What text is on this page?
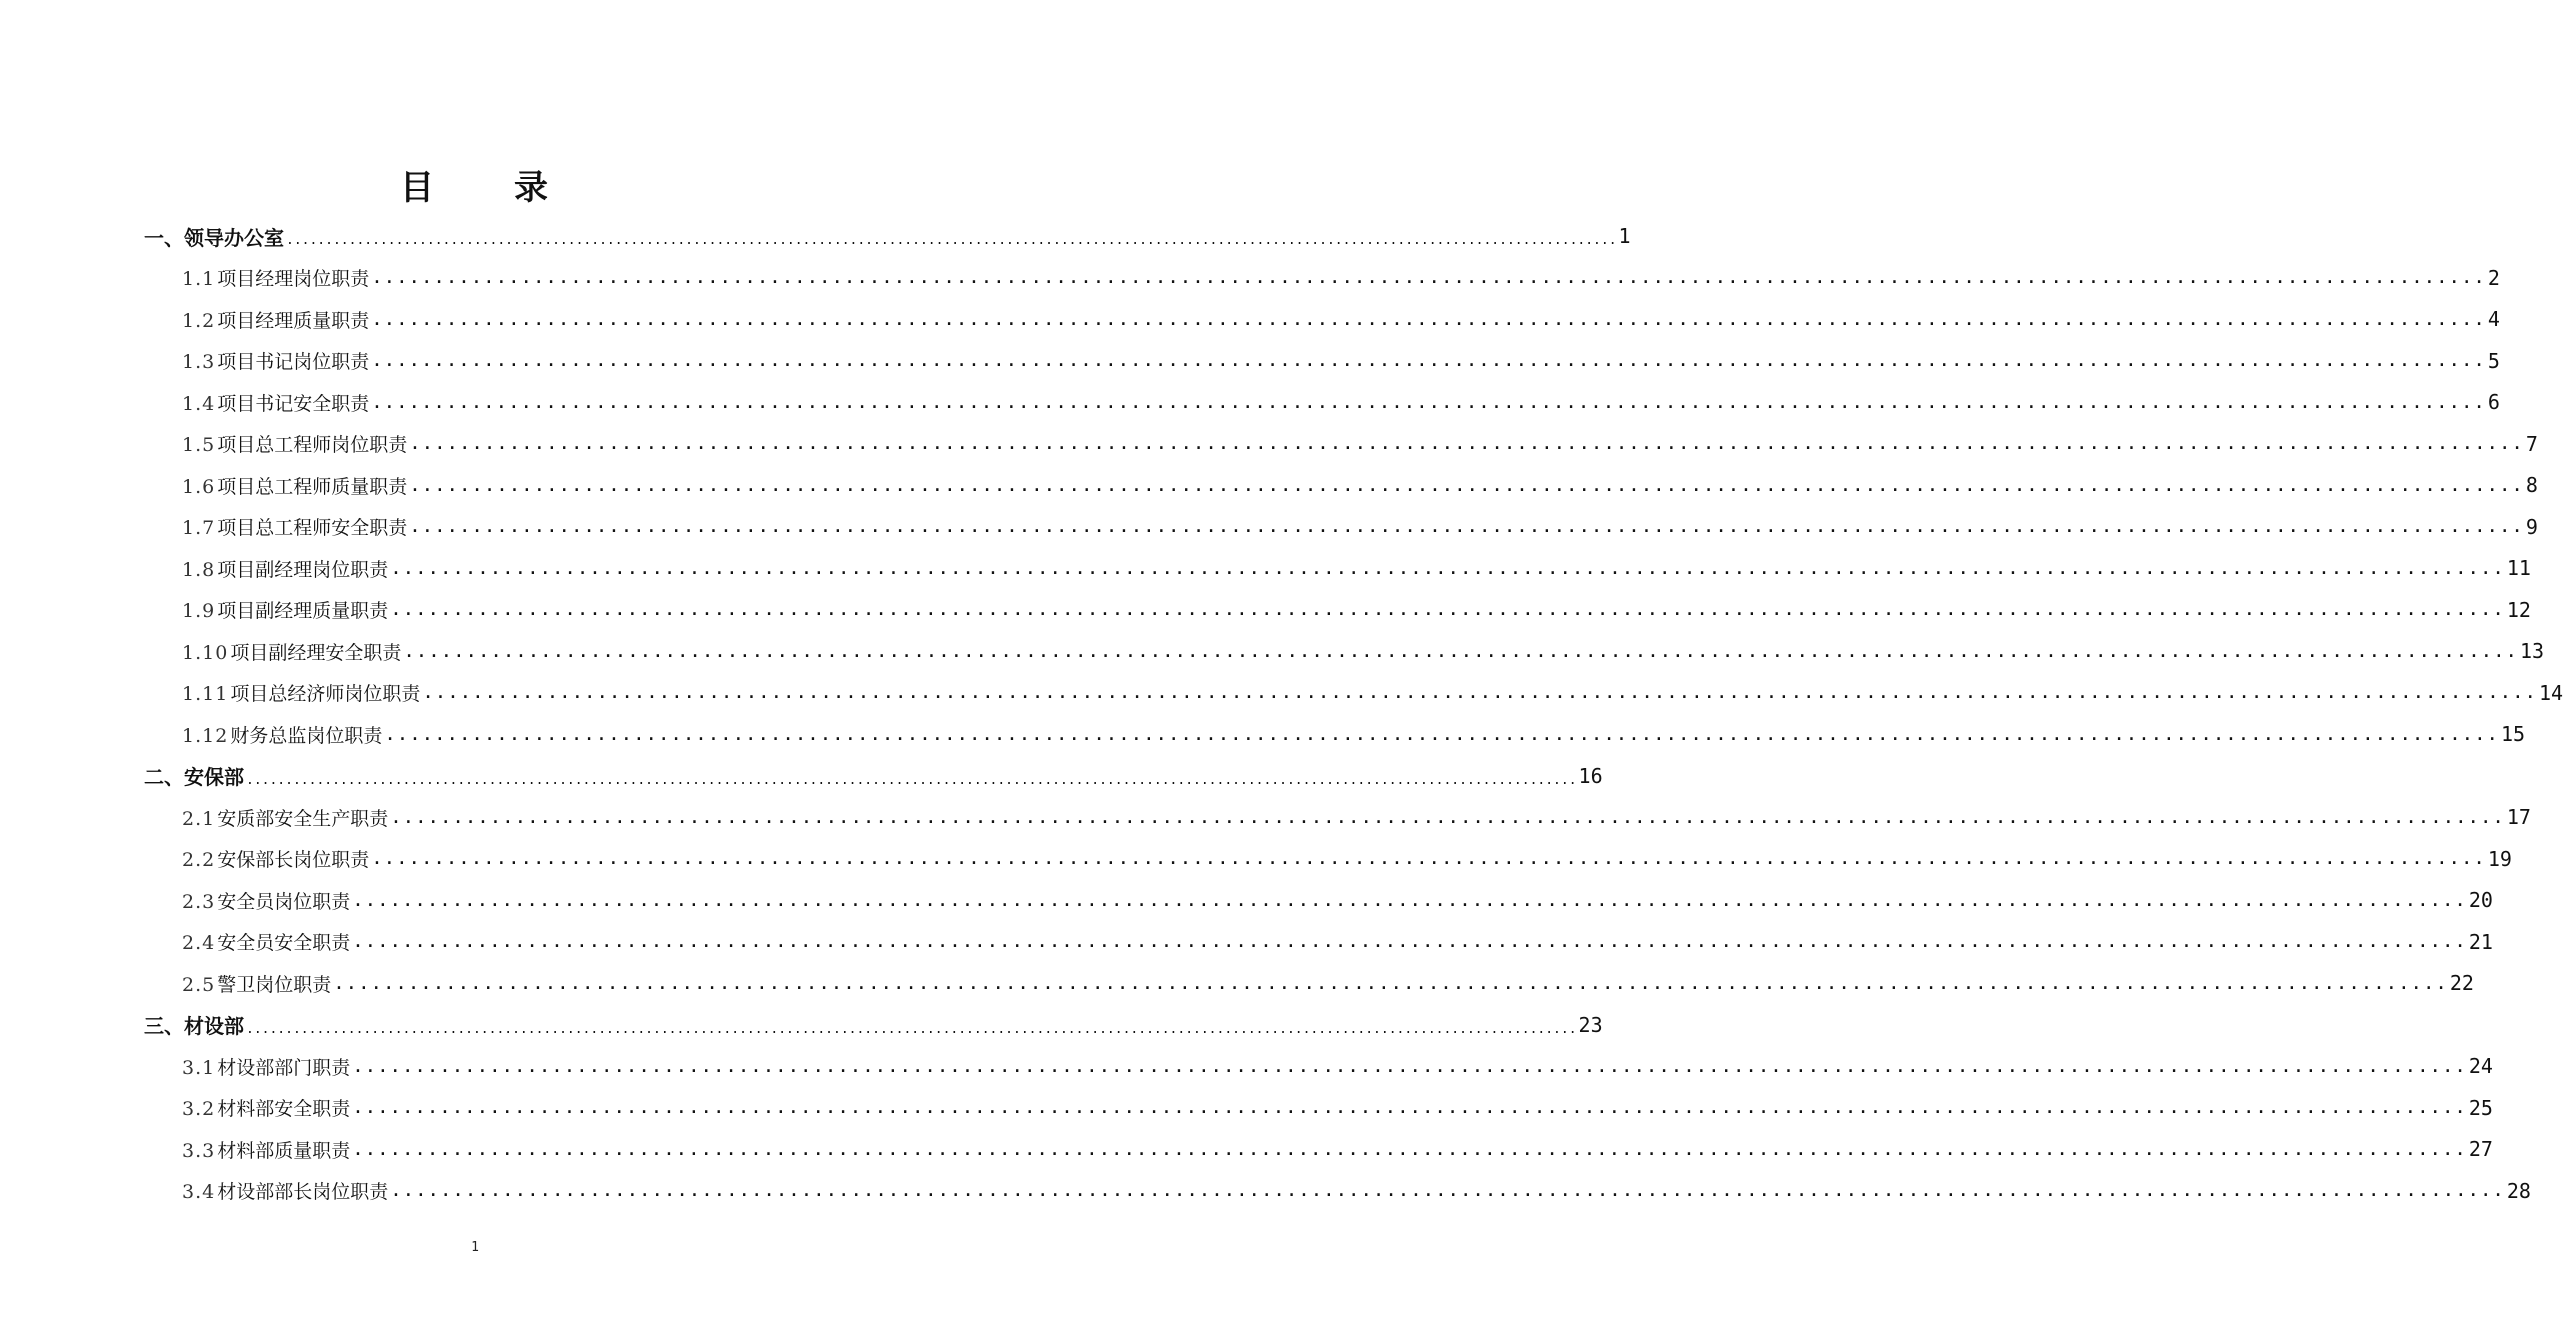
目 录
一、领导办公室 .......................................................................................................................................................................... 1
1.1 项目经理岗位职责 .......................................................................................................................................................................... 2
1.2 项目经理质量职责 .......................................................................................................................................................................... 4
1.3 项目书记岗位职责 .......................................................................................................................................................................... 5
1.4 项目书记安全职责 .......................................................................................................................................................................... 6
1.5 项目总工程师岗位职责 .......................................................................................................................................................................... 7
1.6 项目总工程师质量职责 .......................................................................................................................................................................... 8
1.7 项目总工程师安全职责 .......................................................................................................................................................................... 9
1.8 项目副经理岗位职责 .......................................................................................................................................................................... 11
1.9 项目副经理质量职责 .......................................................................................................................................................................... 12
1.10 项目副经理安全职责 .......................................................................................................................................................................... 13
1.11 项目总经济师岗位职责 .......................................................................................................................................................................... 14
1.12 财务总监岗位职责 .......................................................................................................................................................................... 15
二、安保部 .......................................................................................................................................................................... 16
2.1 安质部安全生产职责 .......................................................................................................................................................................... 17
2.2 安保部长岗位职责 .......................................................................................................................................................................... 19
2.3 安全员岗位职责 .......................................................................................................................................................................... 20
2.4 安全员安全职责 .......................................................................................................................................................................... 21
2.5 警卫岗位职责 .......................................................................................................................................................................... 22
三、材设部 .......................................................................................................................................................................... 23
3.1 材设部部门职责 .......................................................................................................................................................................... 24
3.2 材料部安全职责 .......................................................................................................................................................................... 25
3.3 材料部质量职责 .......................................................................................................................................................................... 27
3.4 材设部部长岗位职责 .......................................................................................................................................................................... 28
1
